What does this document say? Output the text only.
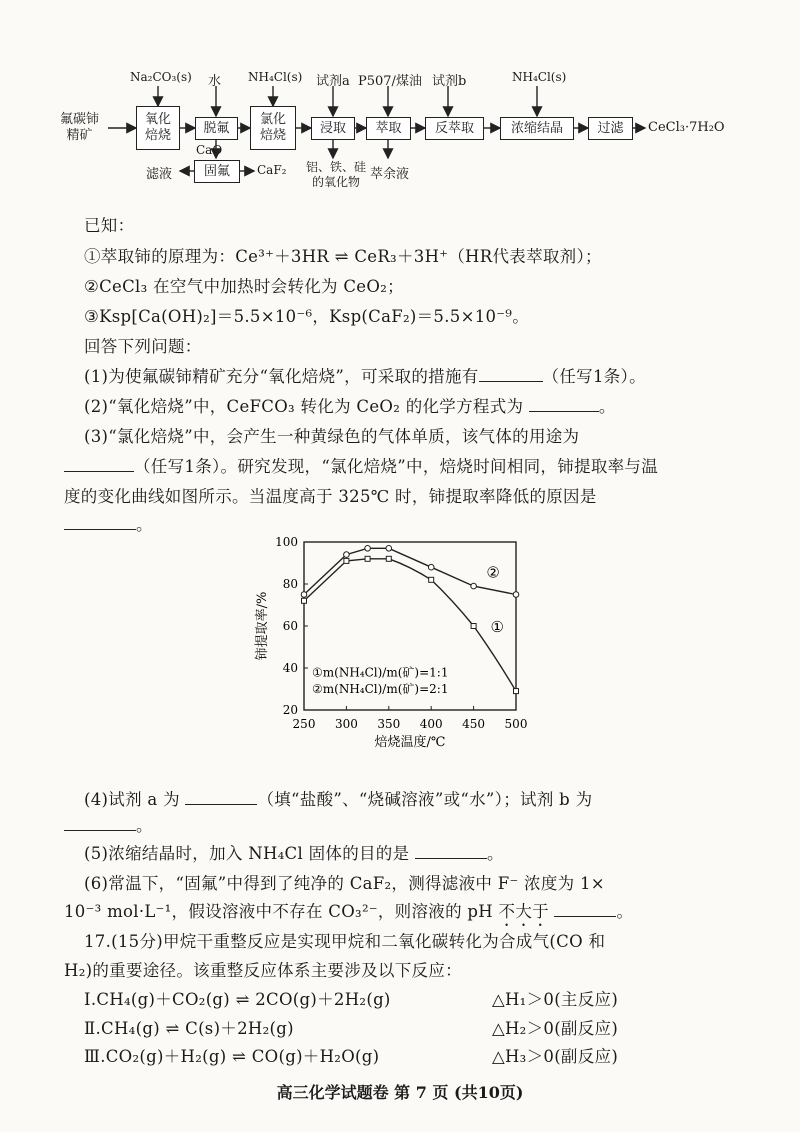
氟碳铈
精矿
Na₂CO₃(s) 水 NH₄Cl(s) 试剂a P507/煤油 试剂b	NH₄Cl(s)
氧化
焙烧	脱氟
氯化
焙烧	浸取	萃取	反萃取	浓缩结晶	过滤
固氟
CaO
滤液	CaF₂ 铝、铁、硅
的氧化物 萃余液
CeCl₃·7H₂O
已知：
①萃取铈的原理为：Ce³⁺＋3HR ⇌ CeR₃＋3H⁺（HR代表萃取剂）；
②CeCl₃ 在空气中加热时会转化为 CeO₂；
③Ksp[Ca(OH)₂]＝5.5×10⁻⁶，Ksp(CaF₂)＝5.5×10⁻⁹。
回答下列问题：
(1)为使氟碳铈精矿充分“氧化焙烧”，可采取的措施有	（任写1条）。
(2)“氧化焙烧”中，CeFCO₃ 转化为 CeO₂ 的化学方程式为	。
(3)“氯化焙烧”中，会产生一种黄绿色的气体单质，该气体的用途为
（任写1条）。研究发现，“氯化焙烧”中，焙烧时间相同，铈提取率与温
度的变化曲线如图所示。当温度高于 325℃ 时，铈提取率降低的原因是
。
250 300 350 400 450 500
20
40
60
80
100
焙烧温度/℃
铈提取率/%	①
②
①m(NH₄Cl)/m(矿)=1:1
②m(NH₄Cl)/m(矿)=2:1
(4)试剂 a 为	（填“盐酸”、“烧碱溶液”或“水”）；试剂 b 为
。
(5)浓缩结晶时，加入 NH₄Cl 固体的目的是	。
(6)常温下，“固氟”中得到了纯净的 CaF₂，测得滤液中 F⁻ 浓度为 1×
10⁻³ mol·L⁻¹，假设溶液中不存在 CO₃²⁻，则溶液的 pH 不大于	。
17.(15分)甲烷干重整反应是实现甲烷和二氧化碳转化为合成气(CO 和
H₂)的重要途径。该重整反应体系主要涉及以下反应：
Ⅰ.CH₄(g)＋CO₂(g) ⇌ 2CO(g)＋2H₂(g)	△H₁＞0(主反应)
Ⅱ.CH₄(g) ⇌ C(s)＋2H₂(g)	△H₂＞0(副反应)
Ⅲ.CO₂(g)＋H₂(g) ⇌ CO(g)＋H₂O(g)	△H₃＞0(副反应)
高三化学试题卷 第 7 页 (共10页)
